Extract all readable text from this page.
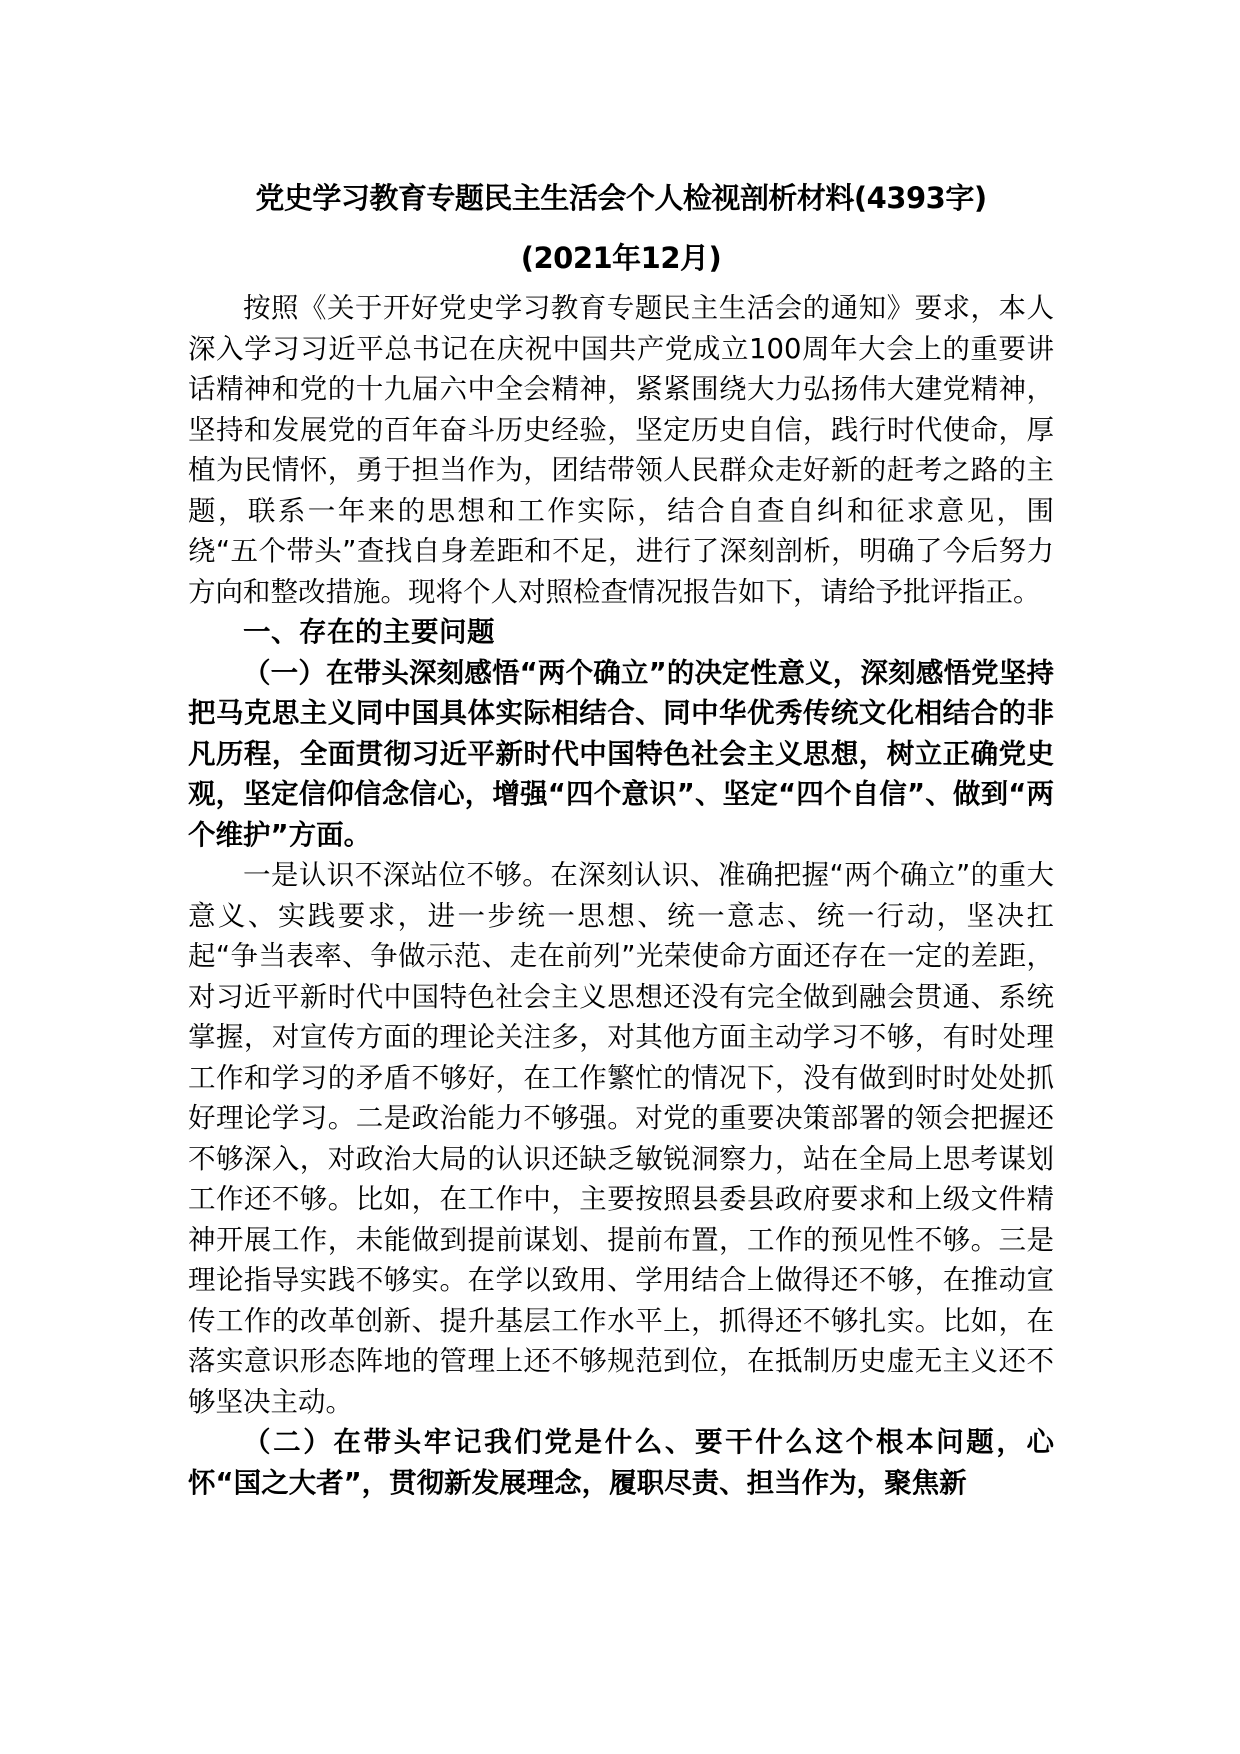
党史学习教育专题民主生活会个人检视剖析材料(4393字)
(2021年12月)

按照《关于开好党史学习教育专题民主生活会的通知》要求，本人深入学习习近平总书记在庆祝中国共产党成立100周年大会上的重要讲话精神和党的十九届六中全会精神，紧紧围绕大力弘扬伟大建党精神，坚持和发展党的百年奋斗历史经验，坚定历史自信，践行时代使命，厚植为民情怀，勇于担当作为，团结带领人民群众走好新的赶考之路的主题，联系一年来的思想和工作实际，结合自查自纠和征求意见，围绕“五个带头”查找自身差距和不足，进行了深刻剖析，明确了今后努力方向和整改措施。现将个人对照检查情况报告如下，请给予批评指正。

一、存在的主要问题

（一）在带头深刻感悟“两个确立”的决定性意义，深刻感悟党坚持把马克思主义同中国具体实际相结合、同中华优秀传统文化相结合的非凡历程，全面贯彻习近平新时代中国特色社会主义思想，树立正确党史观，坚定信仰信念信心，增强“四个意识”、坚定“四个自信”、做到“两个维护”方面。

一是认识不深站位不够。在深刻认识、准确把握“两个确立”的重大意义、实践要求，进一步统一思想、统一意志、统一行动，坚决扛起“争当表率、争做示范、走在前列”光荣使命方面还存在一定的差距，对习近平新时代中国特色社会主义思想还没有完全做到融会贯通、系统掌握，对宣传方面的理论关注多，对其他方面主动学习不够，有时处理工作和学习的矛盾不够好，在工作繁忙的情况下，没有做到时时处处抓好理论学习。二是政治能力不够强。对党的重要决策部署的领会把握还不够深入，对政治大局的认识还缺乏敏锐洞察力，站在全局上思考谋划工作还不够。比如，在工作中，主要按照县委县政府要求和上级文件精神开展工作，未能做到提前谋划、提前布置，工作的预见性不够。三是理论指导实践不够实。在学以致用、学用结合上做得还不够，在推动宣传工作的改革创新、提升基层工作水平上，抓得还不够扎实。比如，在落实意识形态阵地的管理上还不够规范到位，在抵制历史虚无主义还不够坚决主动。

（二）在带头牢记我们党是什么、要干什么这个根本问题，心怀“国之大者”，贯彻新发展理念，履职尽责、担当作为，聚焦新
